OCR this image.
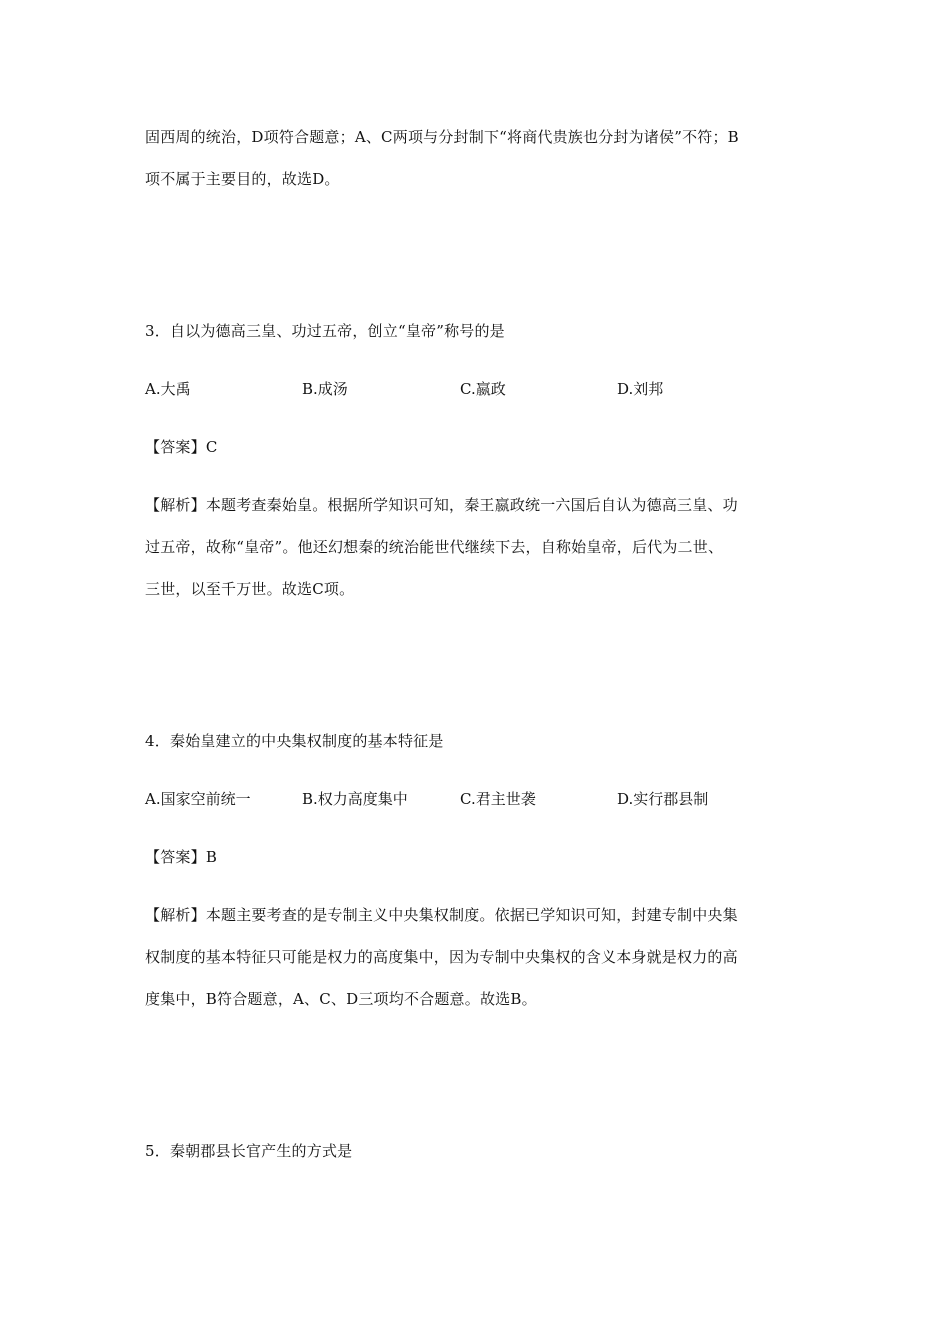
固西周的统治，D项符合题意；A、C两项与分封制下“将商代贵族也分封为诸侯”不符；B
项不属于主要目的，故选D。
3．自以为德高三皇、功过五帝，创立“皇帝”称号的是
A.大禹	B.成汤	C.嬴政	D.刘邦
【答案】C
【解析】本题考查秦始皇。根据所学知识可知，秦王嬴政统一六国后自认为德高三皇、功
过五帝，故称“皇帝”。他还幻想秦的统治能世代继续下去，自称始皇帝，后代为二世、
三世，以至千万世。故选C项。
4．秦始皇建立的中央集权制度的基本特征是
A.国家空前统一	B.权力高度集中	C.君主世袭	D.实行郡县制
【答案】B
【解析】本题主要考查的是专制主义中央集权制度。依据已学知识可知，封建专制中央集
权制度的基本特征只可能是权力的高度集中，因为专制中央集权的含义本身就是权力的高
度集中，B符合题意，A、C、D三项均不合题意。故选B。
5．秦朝郡县长官产生的方式是
